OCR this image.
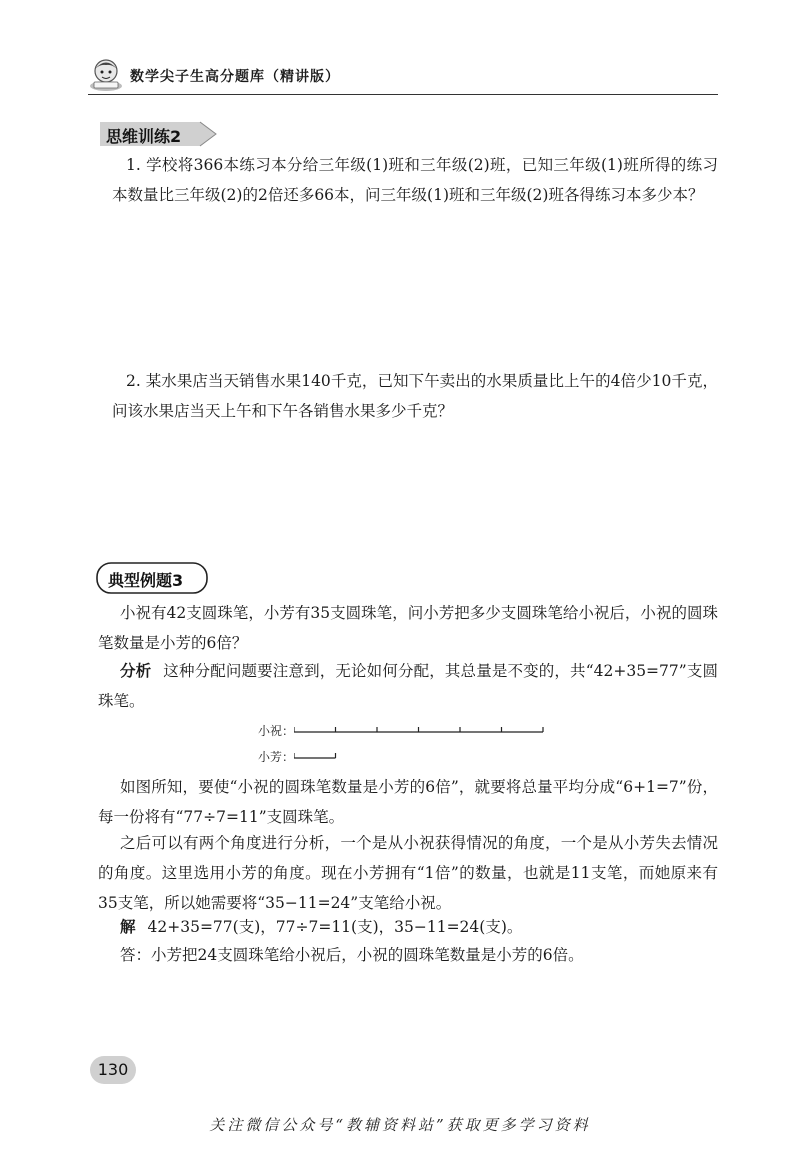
数学尖子生高分题库（精讲版）
思维训练2
1. 学校将366本练习本分给三年级(1)班和三年级(2)班，已知三年级(1)班所得的练习本数量比三年级(2)的2倍还多66本，问三年级(1)班和三年级(2)班各得练习本多少本？
2. 某水果店当天销售水果140千克，已知下午卖出的水果质量比上午的4倍少10千克，问该水果店当天上午和下午各销售水果多少千克？
典型例题3
小祝有42支圆珠笔，小芳有35支圆珠笔，问小芳把多少支圆珠笔给小祝后，小祝的圆珠笔数量是小芳的6倍？
分析 这种分配问题要注意到，无论如何分配，其总量是不变的，共“42+35=77”支圆珠笔。
小祝：
小芳：
如图所知，要使“小祝的圆珠笔数量是小芳的6倍”，就要将总量平均分成“6+1=7”份，每一份将有“77÷7=11”支圆珠笔。
之后可以有两个角度进行分析，一个是从小祝获得情况的角度，一个是从小芳失去情况的角度。这里选用小芳的角度。现在小芳拥有“1倍”的数量，也就是11支笔，而她原来有35支笔，所以她需要将“35−11=24”支笔给小祝。
解 42+35=77(支)，77÷7=11(支)，35−11=24(支)。
答：小芳把24支圆珠笔给小祝后，小祝的圆珠笔数量是小芳的6倍。
130
关注微信公众号“教辅资料站”获取更多学习资料
